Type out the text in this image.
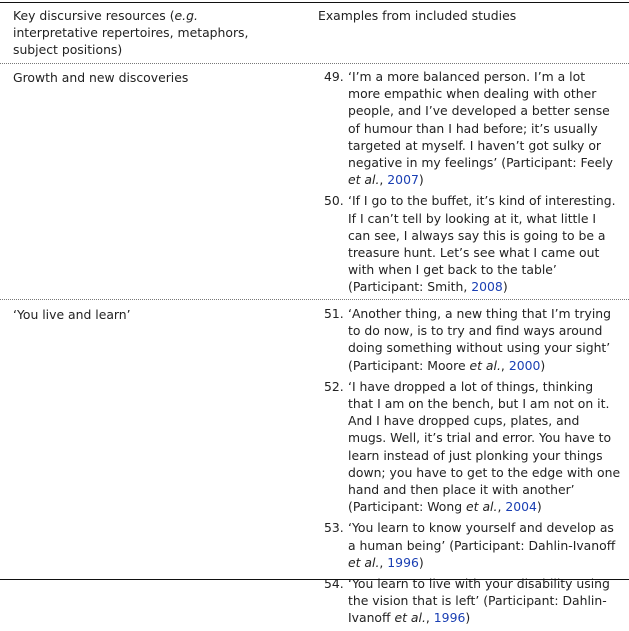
Key discursive resources (e.g.
interpretative repertoires, metaphors,
subject positions)
Examples from included studies
Growth and new discoveries	49. ‘I’m a more balanced person. I’m a lot more empathic when dealing with other people, and I’ve developed a better sense of humour than I had before; it’s usually targeted at myself. I haven’t got sulky or negative in my feelings’ (Participant: Feely et al., 2007)
50. ‘If I go to the buffet, it’s kind of interesting. If I can’t tell by looking at it, what little I can see, I always say this is going to be a treasure hunt. Let’s see what I came out with when I get back to the table’ (Participant: Smith, 2008)
‘You live and learn’	51. ‘Another thing, a new thing that I’m trying to do now, is to try and find ways around doing something without using your sight’ (Participant: Moore et al., 2000)
52. ‘I have dropped a lot of things, thinking that I am on the bench, but I am not on it. And I have dropped cups, plates, and mugs. Well, it’s trial and error. You have to learn instead of just plonking your things down; you have to get to the edge with one hand and then place it with another’ (Participant: Wong et al., 2004)
53. ‘You learn to know yourself and develop as a human being’ (Participant: Dahlin-Ivanoff et al., 1996)
54. ‘You learn to live with your disability using the vision that is left’ (Participant: Dahlin-Ivanoff et al., 1996)
